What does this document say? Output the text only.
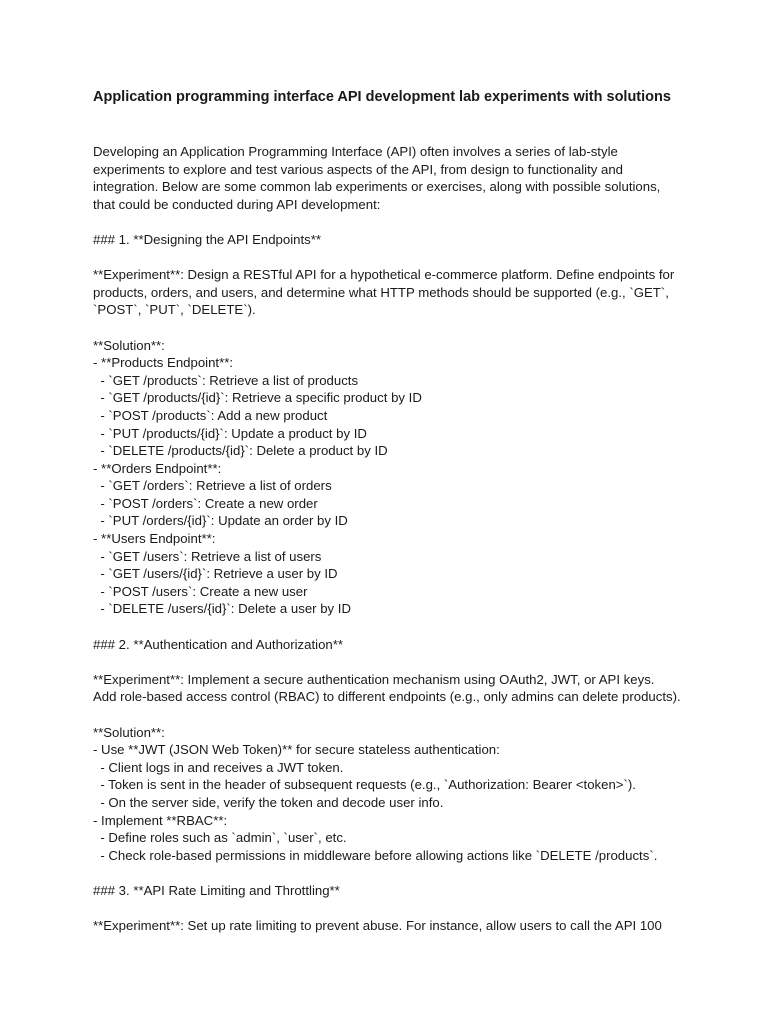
Application programming interface API development lab experiments with solutions
Developing an Application Programming Interface (API) often involves a series of lab-style
experiments to explore and test various aspects of the API, from design to functionality and
integration. Below are some common lab experiments or exercises, along with possible solutions,
that could be conducted during API development:
### 1. **Designing the API Endpoints**
**Experiment**: Design a RESTful API for a hypothetical e-commerce platform. Define endpoints for
products, orders, and users, and determine what HTTP methods should be supported (e.g., `GET`,
`POST`, `PUT`, `DELETE`).
**Solution**:
- **Products Endpoint**:
- `GET /products`: Retrieve a list of products
- `GET /products/{id}`: Retrieve a specific product by ID
- `POST /products`: Add a new product
- `PUT /products/{id}`: Update a product by ID
- `DELETE /products/{id}`: Delete a product by ID
- **Orders Endpoint**:
- `GET /orders`: Retrieve a list of orders
- `POST /orders`: Create a new order
- `PUT /orders/{id}`: Update an order by ID
- **Users Endpoint**:
- `GET /users`: Retrieve a list of users
- `GET /users/{id}`: Retrieve a user by ID
- `POST /users`: Create a new user
- `DELETE /users/{id}`: Delete a user by ID
### 2. **Authentication and Authorization**
**Experiment**: Implement a secure authentication mechanism using OAuth2, JWT, or API keys.
Add role-based access control (RBAC) to different endpoints (e.g., only admins can delete products).
**Solution**:
- Use **JWT (JSON Web Token)** for secure stateless authentication:
- Client logs in and receives a JWT token.
- Token is sent in the header of subsequent requests (e.g., `Authorization: Bearer <token>`).
- On the server side, verify the token and decode user info.
- Implement **RBAC**:
- Define roles such as `admin`, `user`, etc.
- Check role-based permissions in middleware before allowing actions like `DELETE /products`.
### 3. **API Rate Limiting and Throttling**
**Experiment**: Set up rate limiting to prevent abuse. For instance, allow users to call the API 100
